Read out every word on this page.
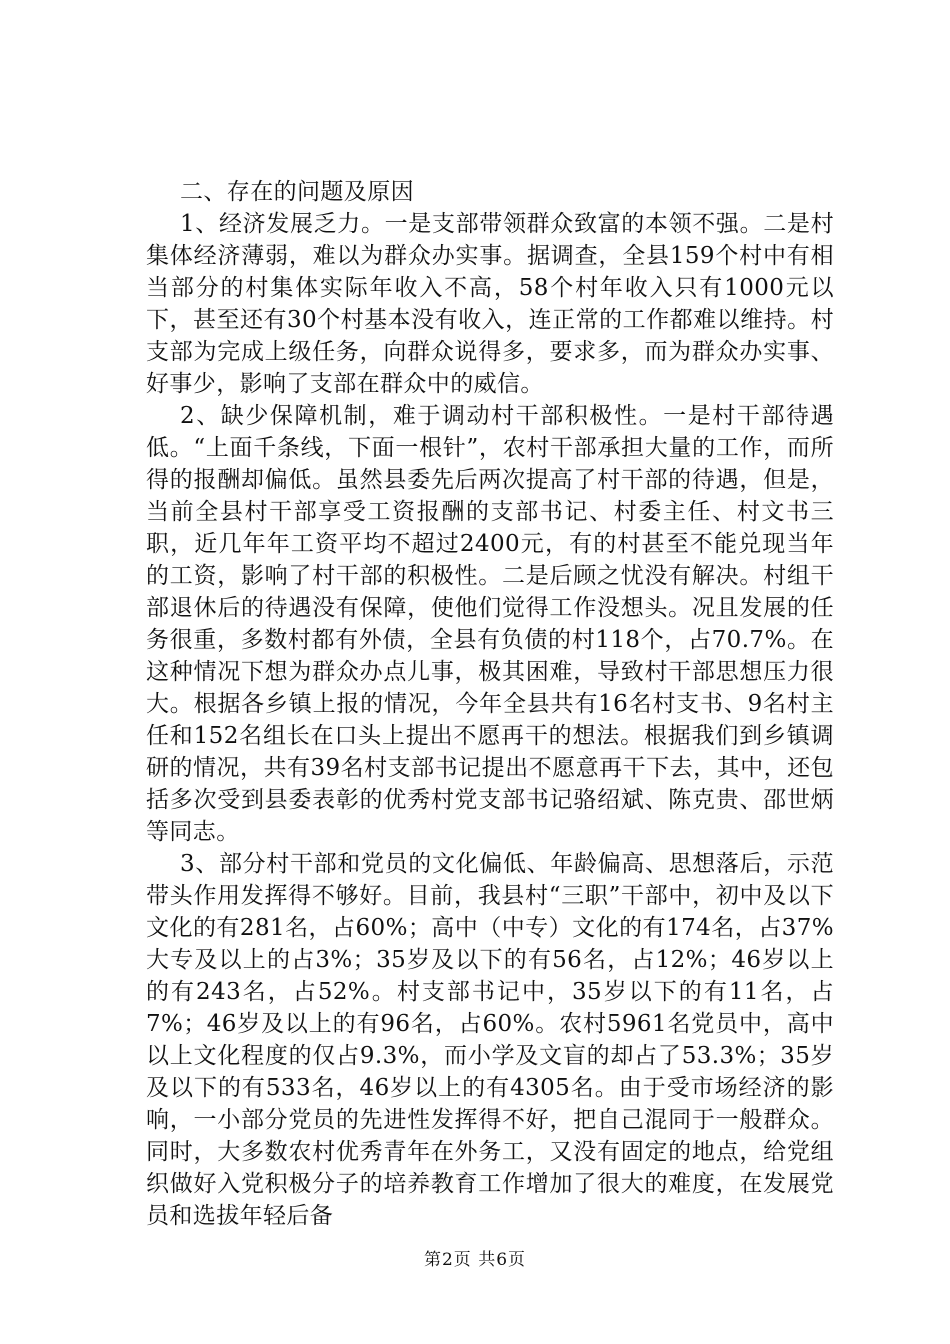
二、存在的问题及原因

1、经济发展乏力。一是支部带领群众致富的本领不强。二是村集体经济薄弱，难以为群众办实事。据调查，全县159个村中有相当部分的村集体实际年收入不高，58个村年收入只有1000元以下，甚至还有30个村基本没有收入，连正常的工作都难以维持。村支部为完成上级任务，向群众说得多，要求多，而为群众办实事、好事少，影响了支部在群众中的威信。

2、缺少保障机制，难于调动村干部积极性。一是村干部待遇低。“上面千条线，下面一根针”，农村干部承担大量的工作，而所得的报酬却偏低。虽然县委先后两次提高了村干部的待遇，但是，当前全县村干部享受工资报酬的支部书记、村委主任、村文书三职，近几年年工资平均不超过2400元，有的村甚至不能兑现当年的工资，影响了村干部的积极性。二是后顾之忧没有解决。村组干部退休后的待遇没有保障，使他们觉得工作没想头。况且发展的任务很重，多数村都有外债，全县有负债的村118个，占70.7%。在这种情况下想为群众办点儿事，极其困难，导致村干部思想压力很大。根据各乡镇上报的情况，今年全县共有16名村支书、9名村主任和152名组长在口头上提出不愿再干的想法。根据我们到乡镇调研的情况，共有39名村支部书记提出不愿意再干下去，其中，还包括多次受到县委表彰的优秀村党支部书记骆绍斌、陈克贵、邵世炳等同志。

3、部分村干部和党员的文化偏低、年龄偏高、思想落后，示范带头作用发挥得不够好。目前，我县村“三职”干部中，初中及以下文化的有281名，占60%；高中（中专）文化的有174名，占37%大专及以上的占3%；35岁及以下的有56名，占12%；46岁以上的有243名，占52%。村支部书记中，35岁以下的有11名，占7%；46岁及以上的有96名，占60%。农村5961名党员中，高中以上文化程度的仅占9.3%，而小学及文盲的却占了53.3%；35岁及以下的有533名，46岁以上的有4305名。由于受市场经济的影响，一小部分党员的先进性发挥得不好，把自己混同于一般群众。同时，大多数农村优秀青年在外务工，又没有固定的地点，给党组织做好入党积极分子的培养教育工作增加了很大的难度，在发展党员和选拔年轻后备

第2页 共6页
